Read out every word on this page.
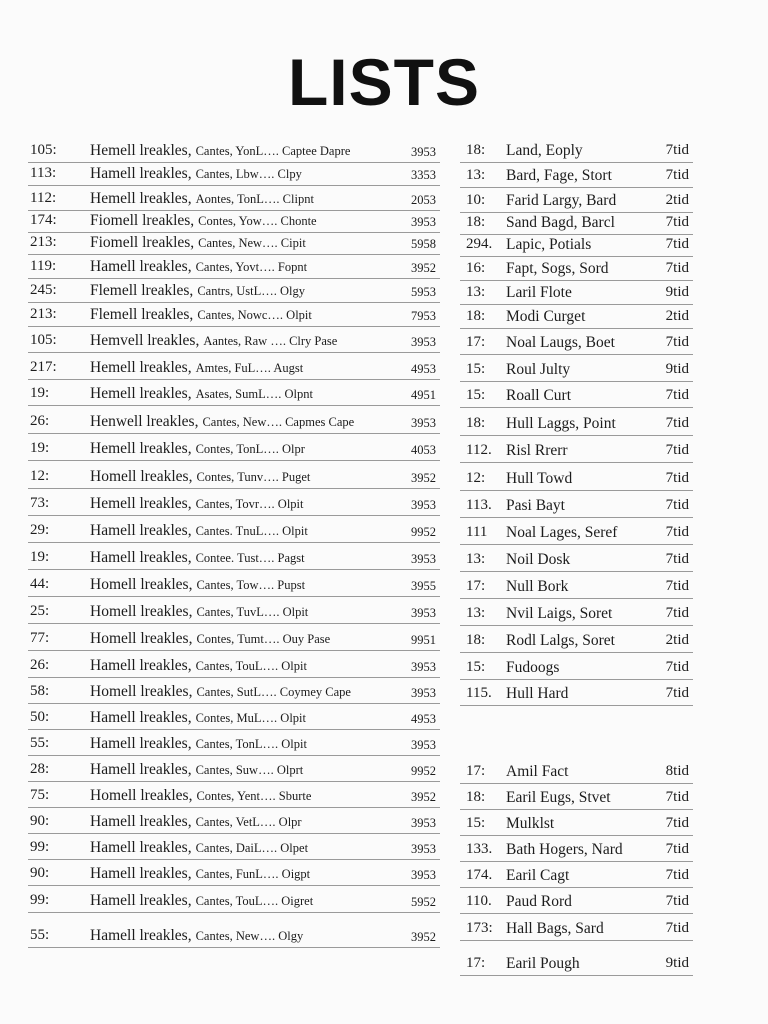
LISTS
105: Hemell lreakles, Cantes, YonL…. Captee Dapre	3953
113: Hamell lreakles, Cantes, Lbw…. Clpy	3353
112: Hemell lreakles, Aontes, TonL…. Clipnt	2053
174: Fiomell lreakles, Contes, Yow…. Chonte	3953
213: Fiomell lreakles, Cantes, New…. Cipit	5958
119: Hamell lreakles, Cantes, Yovt…. Fopnt	3952
245: Flemell lreakles, Cantrs, UstL…. Olgy	5953
213: Flemell lreakles, Cantes, Nowc…. Olpit	7953
105: Hemvell lreakles, Aantes, Raw …. Clry Pase	3953
217: Hemell lreakles, Amtes, FuL…. Augst	4953
19:	Hemell lreakles, Asates, SumL…. Olpnt	4951
26:	Henwell lreakles, Cantes, New…. Capmes Cape	3953
19:	Hemell lreakles, Contes, TonL…. Olpr	4053
12:	Homell lreakles, Contes, Tunv…. Puget	3952
73:	Hemell lreakles, Cantes, Tovr…. Olpit	3953
29:	Hamell lreakles, Cantes. TnuL…. Olpit	9952
19:	Hamell lreakles, Contee. Tust…. Pagst	3953
44:	Homell lreakles, Cantes, Tow…. Pupst	3955
25:	Homell lreakles, Cantes, TuvL…. Olpit	3953
77:	Homell lreakles, Contes, Tumt…. Ouy Pase	9951
26:	Hamell lreakles, Cantes, TouL…. Olpit	3953
58:	Homell lreakles, Cantes, SutL…. Coymey Cape	3953
50:	Hamell lreakles, Contes, MuL…. Olpit	4953
55:	Hamell lreakles, Cantes, TonL…. Olpit	3953
28:	Hamell lreakles, Cantes, Suw…. Olprt	9952
75:	Homell lreakles, Contes, Yent…. Sburte	3952
90:	Hamell lreakles, Cantes, VetL…. Olpr	3953
99:	Hamell lreakles, Cantes, DaiL…. Olpet	3953
90:	Hamell lreakles, Cantes, FunL…. Oigpt	3953
99:	Hamell lreakles, Cantes, TouL…. Oigret	5952
55:	Hamell lreakles, Cantes, New…. Olgy	3952
18: Land, Eoply	7tid
13: Bard, Fage, Stort	7tid
10: Farid Largy, Bard	2tid
18: Sand Bagd, Barcl	7tid
294. Lapic, Potials	7tid
16: Fapt, Sogs, Sord	7tid
13: Laril Flote	9tid
18: Modi Curget	2tid
17: Noal Laugs, Boet	7tid
15: Roul Julty	9tid
15: Roall Curt	7tid
18: Hull Laggs, Point	7tid
112. Risl Rrerr	7tid
12: Hull Towd	7tid
113. Pasi Bayt	7tid
111 Noal Lages, Seref	7tid
13: Noil Dosk	7tid
17: Null Bork	7tid
13: Nvil Laigs, Soret	7tid
18: Rodl Lalgs, Soret	2tid
15: Fudoogs	7tid
115. Hull Hard	7tid
17: Amil Fact	8tid
18: Earil Eugs, Stvet	7tid
15: Mulklst	7tid
133. Bath Hogers, Nard	7tid
174. Earil Cagt	7tid
110. Paud Rord	7tid
173: Hall Bags, Sard	7tid
17: Earil Pough	9tid
